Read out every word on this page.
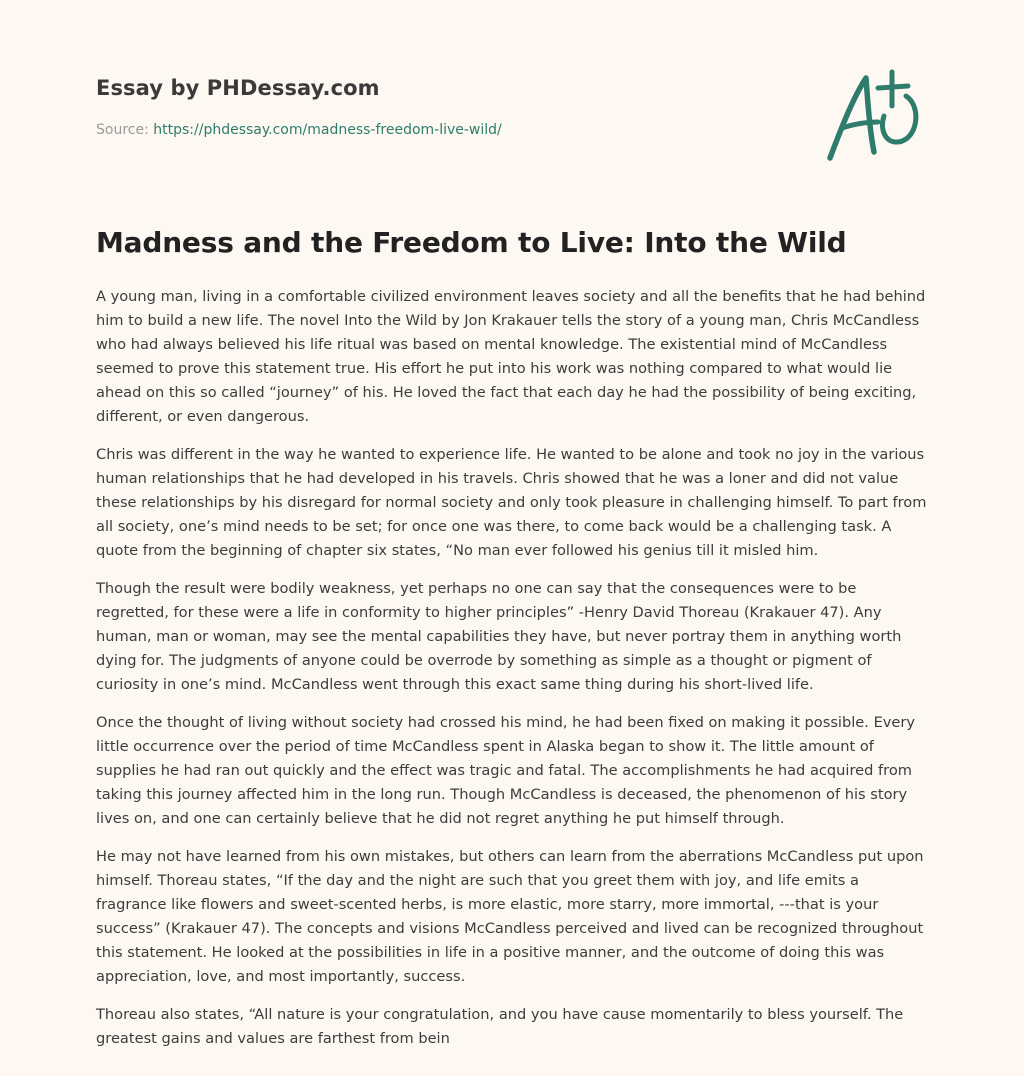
Essay by PHDessay.com
Source: https://phdessay.com/madness-freedom-live-wild/
Madness and the Freedom to Live: Into the Wild

A young man, living in a comfortable civilized environment leaves society and all the benefits that he had behind him to build a new life. The novel Into the Wild by Jon Krakauer tells the story of a young man, Chris McCandless who had always believed his life ritual was based on mental knowledge. The existential mind of McCandless seemed to prove this statement true. His effort he put into his work was nothing compared to what would lie ahead on this so called “journey” of his. He loved the fact that each day he had the possibility of being exciting, different, or even dangerous.

Chris was different in the way he wanted to experience life. He wanted to be alone and took no joy in the various human relationships that he had developed in his travels. Chris showed that he was a loner and did not value these relationships by his disregard for normal society and only took pleasure in challenging himself. To part from all society, one’s mind needs to be set; for once one was there, to come back would be a challenging task. A quote from the beginning of chapter six states, “No man ever followed his genius till it misled him.

Though the result were bodily weakness, yet perhaps no one can say that the consequences were to be regretted, for these were a life in conformity to higher principles” -Henry David Thoreau (Krakauer 47). Any human, man or woman, may see the mental capabilities they have, but never portray them in anything worth dying for. The judgments of anyone could be overrode by something as simple as a thought or pigment of curiosity in one’s mind. McCandless went through this exact same thing during his short-lived life.

Once the thought of living without society had crossed his mind, he had been fixed on making it possible. Every little occurrence over the period of time McCandless spent in Alaska began to show it. The little amount of supplies he had ran out quickly and the effect was tragic and fatal. The accomplishments he had acquired from taking this journey affected him in the long run. Though McCandless is deceased, the phenomenon of his story lives on, and one can certainly believe that he did not regret anything he put himself through.

He may not have learned from his own mistakes, but others can learn from the aberrations McCandless put upon himself. Thoreau states, “If the day and the night are such that you greet them with joy, and life emits a fragrance like flowers and sweet-scented herbs, is more elastic, more starry, more immortal, ---that is your success” (Krakauer 47). The concepts and visions McCandless perceived and lived can be recognized throughout this statement. He looked at the possibilities in life in a positive manner, and the outcome of doing this was appreciation, love, and most importantly, success.

Thoreau also states, “All nature is your congratulation, and you have cause momentarily to bless yourself. The greatest gains and values are farthest from bein
